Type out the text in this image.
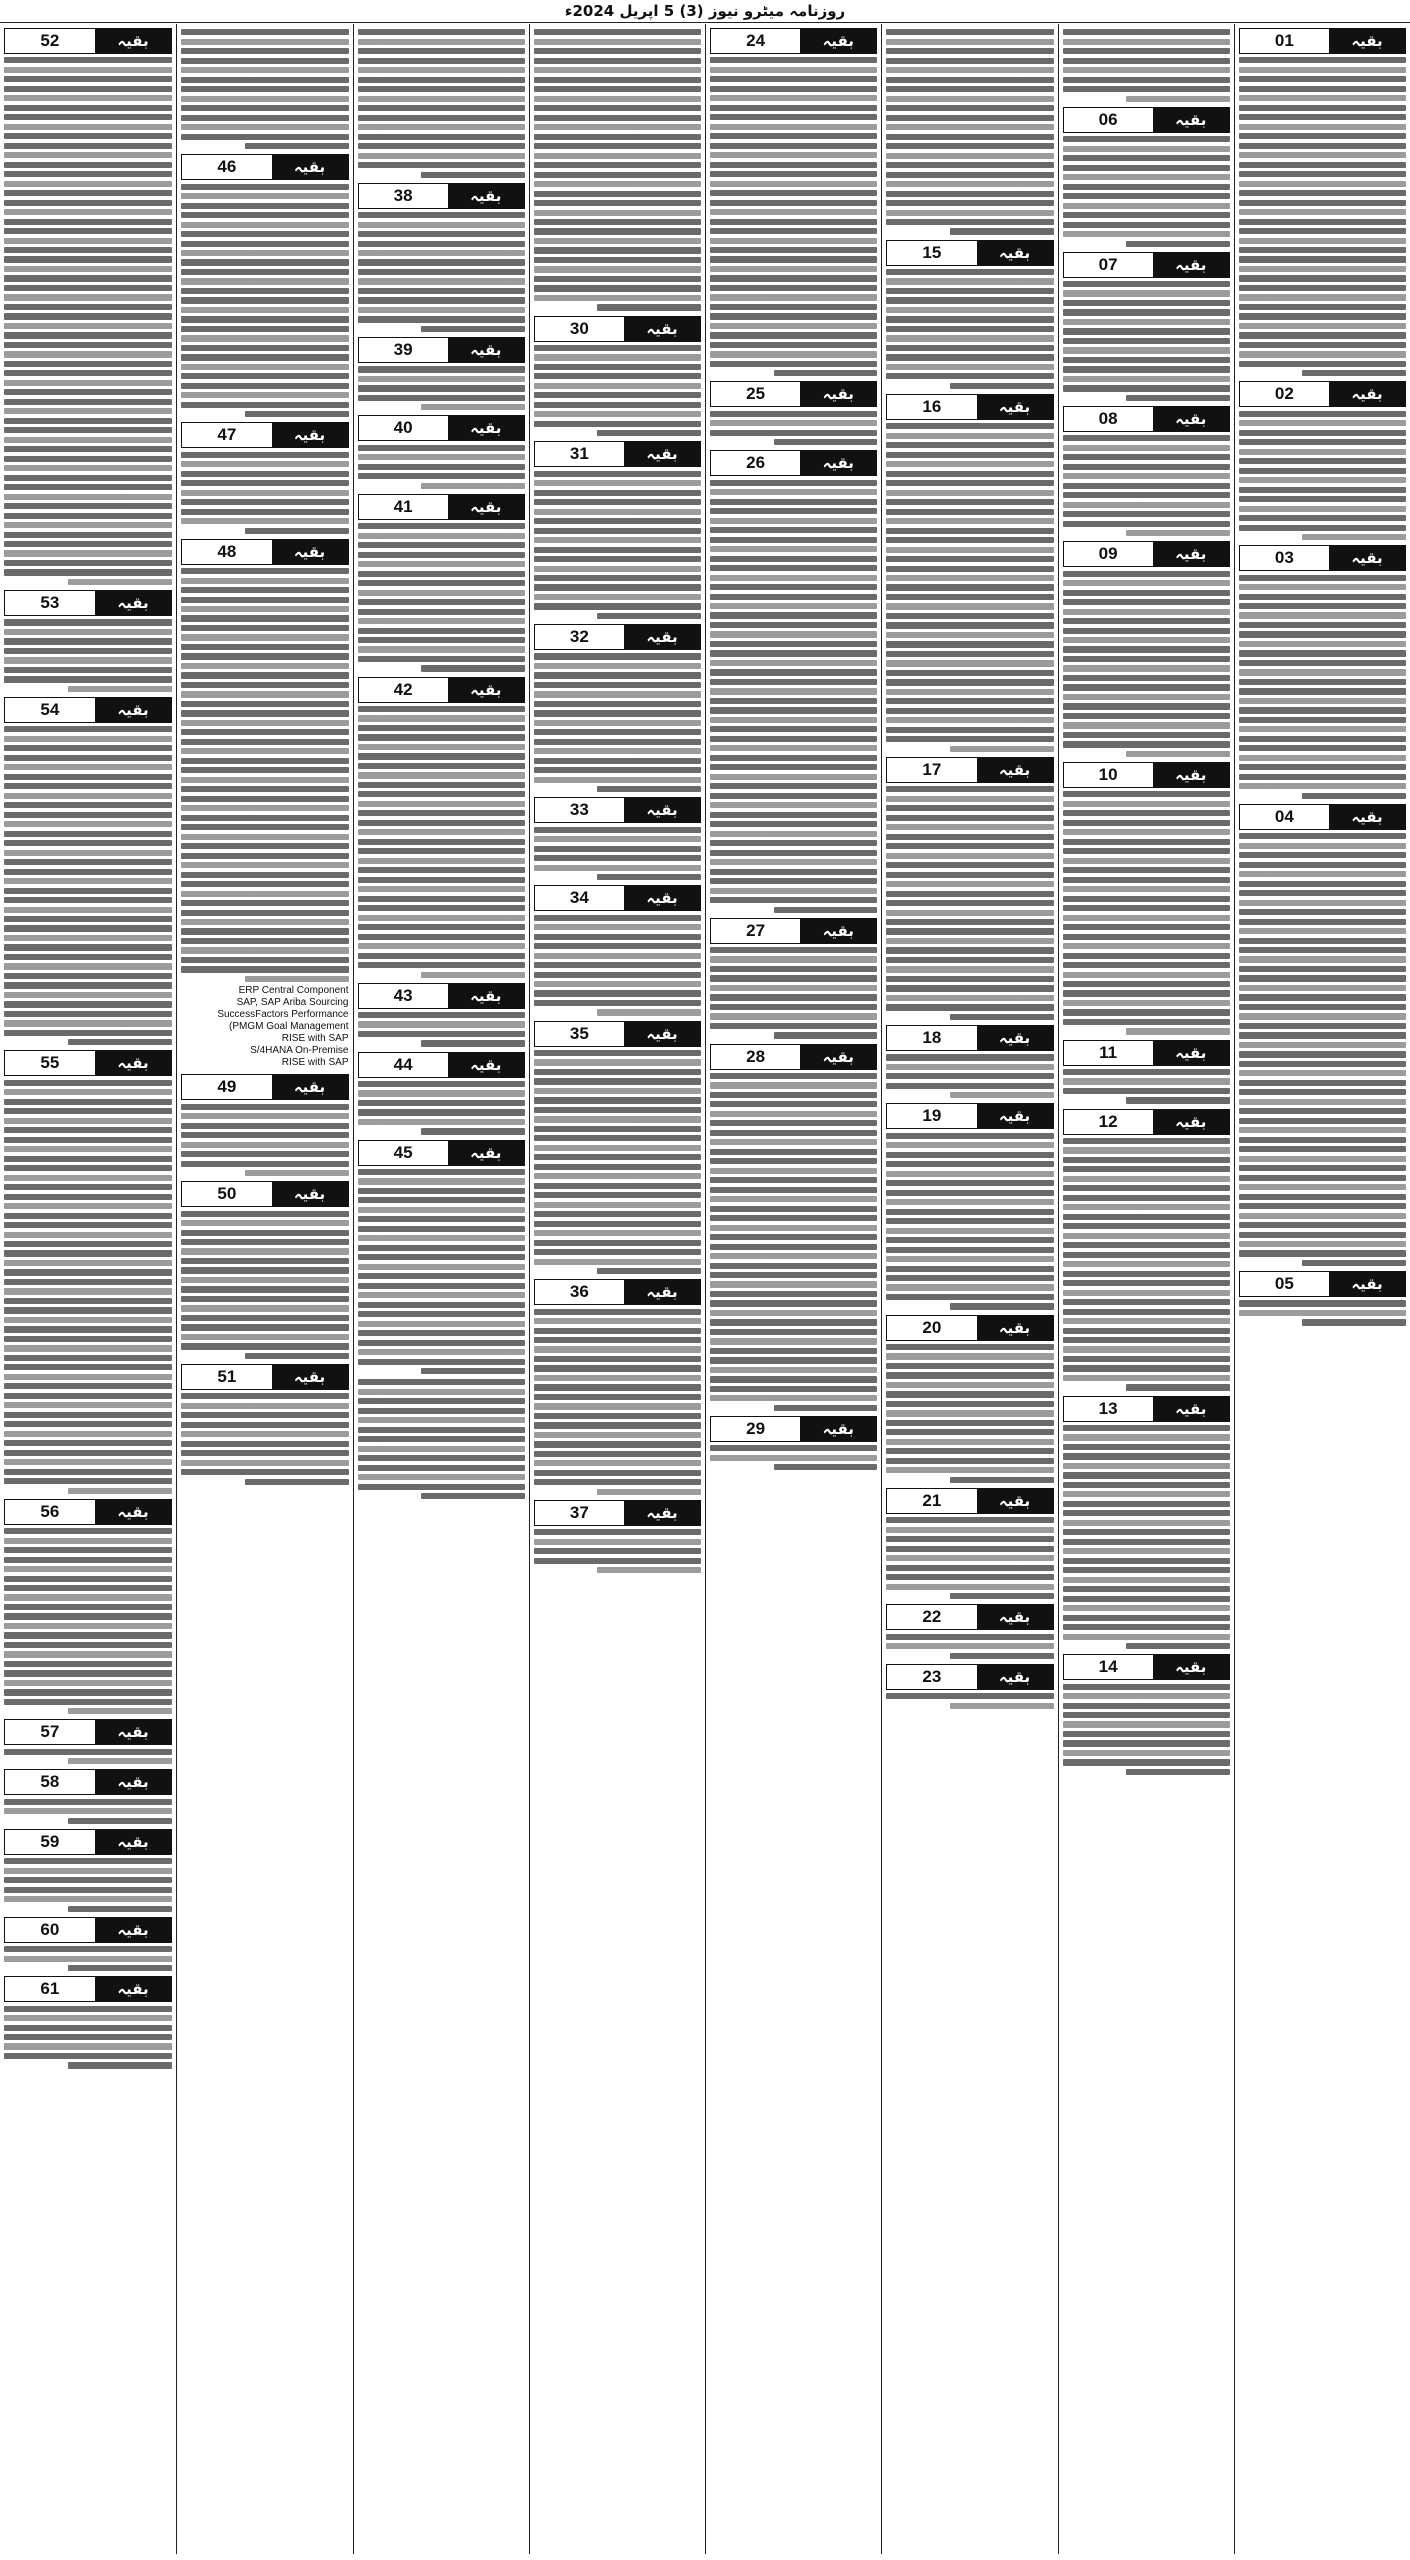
روزنامہ میٹرو نیوز (3) 5 اپریل 2024ء
01	بقیہ
02	بقیہ
03	بقیہ
04	بقیہ
05	بقیہ
06	بقیہ
07	بقیہ
08	بقیہ
09	بقیہ
10	بقیہ
11	بقیہ
12	بقیہ
13	بقیہ
14	بقیہ
15	بقیہ
16	بقیہ
17	بقیہ
18	بقیہ
19	بقیہ
20	بقیہ
21	بقیہ
22	بقیہ
23	بقیہ
24	بقیہ
25	بقیہ
26	بقیہ
27	بقیہ
28	بقیہ
29	بقیہ
30	بقیہ
31	بقیہ
32	بقیہ
33	بقیہ
34	بقیہ
35	بقیہ
36	بقیہ
37	بقیہ
38	بقیہ
39	بقیہ
40	بقیہ
41	بقیہ
42	بقیہ
43	بقیہ
44	بقیہ
45	بقیہ
46	بقیہ
47	بقیہ
48	بقیہ
ERP Central Component
SAP, SAP Ariba Sourcing
SuccessFactors Performance
(PMGM Goal Management
RISE with SAP
S/4HANA On-Premise
RISE with SAP
49	بقیہ
50	بقیہ
51	بقیہ
52	بقیہ
53	بقیہ
54	بقیہ
55	بقیہ
56	بقیہ
57	بقیہ
58	بقیہ
59	بقیہ
60	بقیہ
61	بقیہ
